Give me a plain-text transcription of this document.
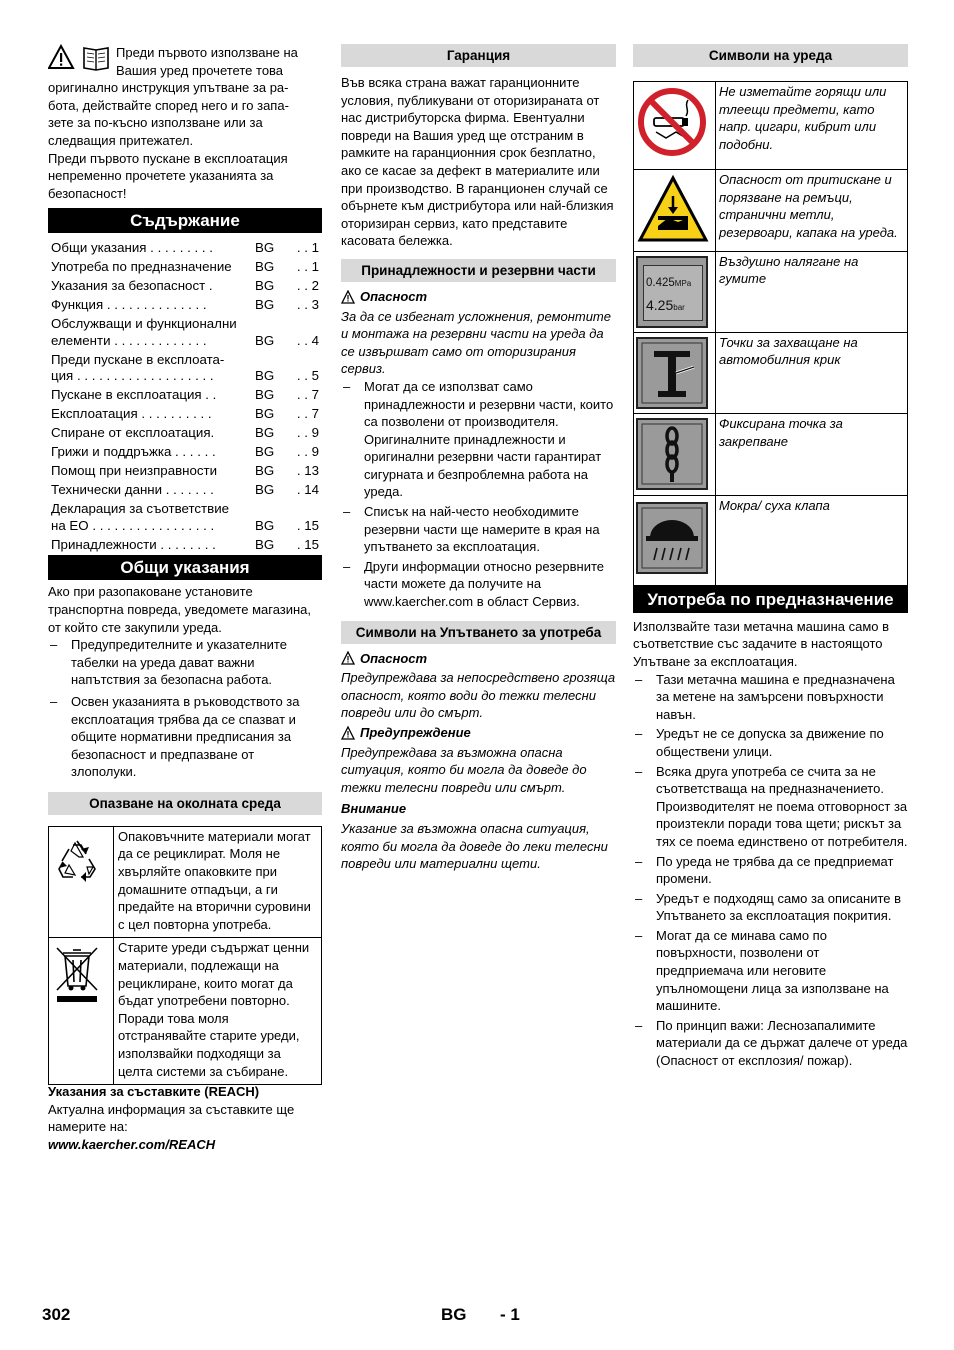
Преди първото използване на
Вашия уред прочетете това
оригинално инструкция упътване за ра-
бота, действайте според него и го запа-
зете за по-късно използване или за
следващия притежател.

Преди първото пускане в експлоатация непременно прочетете указанията за безопасност!

Съдържание
Общи указания . . . . . . . . .	BG	. . 1
Употреба по предназначение	BG	. . 1
Указания за безопасност .	BG	. . 2
Функция . . . . . . . . . . . . . .	BG	. . 3
Обслужващи и функционални		
елементи . . . . . . . . . . . . .	BG	. . 4
Преди пускане в експлоата-		
ция . . . . . . . . . . . . . . . . . . .	BG	. . 5
Пускане в експлоатация . .	BG	. . 7
Експлоатация . . . . . . . . . .	BG	. . 7
Спиране от експлоатация.	BG	. . 9
Грижи и поддръжка . . . . . .	BG	. . 9
Помощ при неизправности	BG	. 13
Технически данни . . . . . . .	BG	. 14
Декларация за съответствие		
на ЕО . . . . . . . . . . . . . . . . .	BG	. 15
Принадлежности . . . . . . . .	BG	. 15
Общи указания

Ако при разопаковане установите транспортна повреда, уведомете магазина, от който сте закупили уреда.

– Предупредителните и указателните табелки на уреда дават важни напътствия за безопасна работа.
– Освен указанията в ръководството за експлоатация трябва да се спазват и общите нормативни предписания за безопасност и предпазване от злополуки.
Опазване на околната среда
	Опаковъчните материали могат да се рециклират. Моля не хвърляйте опаковките при домашните отпадъци, а ги предайте на вторични суровини с цел повторна употреба.
	Старите уреди съдържат ценни материали, подлежащи на рециклиране, които могат да бъдат употребени повторно. Поради това моля отстранявайте старите уреди, използвайки подходящи за целта системи за събиране.
Указания за съставките (REACH)

Актуална информация за съставките ще намерите на:

www.kaercher.com/REACH
Гаранция

Във всяка страна важат гаранционните условия, публикувани от оторизираната от нас дистрибуторска фирма. Евентуални повреди на Вашия уред ще отстраним в рамките на гаранционния срок безплатно, ако се касае за дефект в материалите или при производство. В гаранционен случай се обърнете към дистрибутора или най-близкия оторизиран сервиз, като представите касовата бележка.

Принадлежности и резервни части
Опасност

За да се избегнат усложнения, ремонтите и монтажа на резервни части на уреда да се извършват само от оторизирания сервиз.

– Могат да се използват само принадлежности и резервни части, които са позволени от производителя. Оригиналните принадлежности и оригинални резервни части гарантират сигурната и безпроблемна работа на уреда.
– Списък на най-често необходимите резервни части ще намерите в края на упътването за експлоатация.
– Други информации относно резервните части можете да получите на www.kaercher.com в област Сервиз.
Символи на Упътването за употреба
Опасност

Предупреждава за непосредствено грозяща опасност, която води до тежки телесни повреди или до смърт.

Предупреждение

Предупреждава за възможна опасна ситуация, която би могла да доведе до тежки телесни повреди или смърт.

Внимание

Указание за възможна опасна ситуация, която би могла да доведе до леки телесни повреди или материални щети.

Символи на уреда
	Не изметайте горящи или тлеещи предмети, като напр. цигари, кибрит или подобни.
	Опасност от притискане и порязване на ремъци, странични метли, резервоари, капака на уреда.

0.425MPa
4.25bar	Въздушно налягане на гумите
	Точки за захващане на автомобилния крик
	Фиксирана точка за закрепване
	Мокра/ суха клапа
Употреба по предназначение

Използвайте тази метачна машина само в съответствие със задачите в настоящото Упътване за експлоатация.

– Тази метачна машина е предназначена за метене на замърсени повърхности навън.
– Уредът не се допуска за движение по обществени улици.
– Всяка друга употреба се счита за не съответстваща на предназначението. Производителят не поема отговорност за произтекли поради това щети; рискът за тях се поема единствено от потребителя.
– По уреда не трябва да се предприемат промени.
– Уредът е подходящ само за описаните в Упътването за експлоатация покрития.
– Могат да се минава само по повърхности, позволени от предприемача или неговите упълномощени лица за използване на машините.
– По принцип важи: Леснозапалимите материали да се държат далече от уреда (Опасност от експлозия/ пожар).
302	BG - 1
